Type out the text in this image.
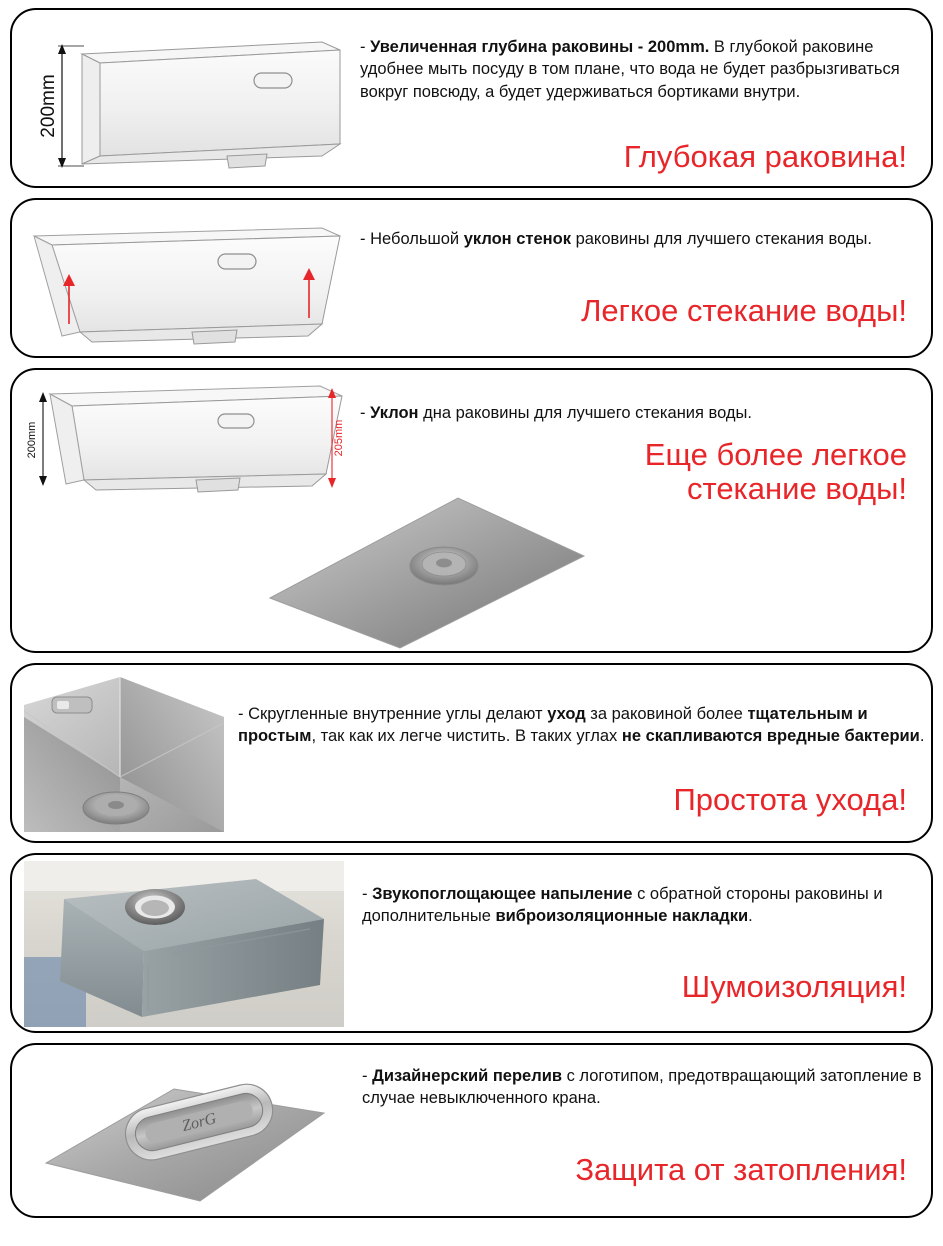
200mm
- Увеличенная глубина раковины - 200mm. В глубокой раковине удобнее мыть посуду в том плане, что вода не будет разбрызгиваться вокруг повсюду, а будет удерживаться бортиками внутри.
Глубокая раковина!
- Небольшой уклон стенок раковины для лучшего стекания воды.
Легкое стекание воды!
200mm	205mm
- Уклон дна раковины для лучшего стекания воды.
Еще более легкое
стекание воды!
- Скругленные внутренние углы делают уход за раковиной более тщательным и простым, так как их легче чистить. В таких углах не скапливаются вредные бактерии.
Простота ухода!
- Звукопоглощающее напыление с обратной стороны раковины и дополнительные виброизоляционные накладки.
Шумоизоляция!
ZorG
- Дизайнерский перелив с логотипом, предотвращающий затопление в случае невыключенного крана.
Защита от затопления!
